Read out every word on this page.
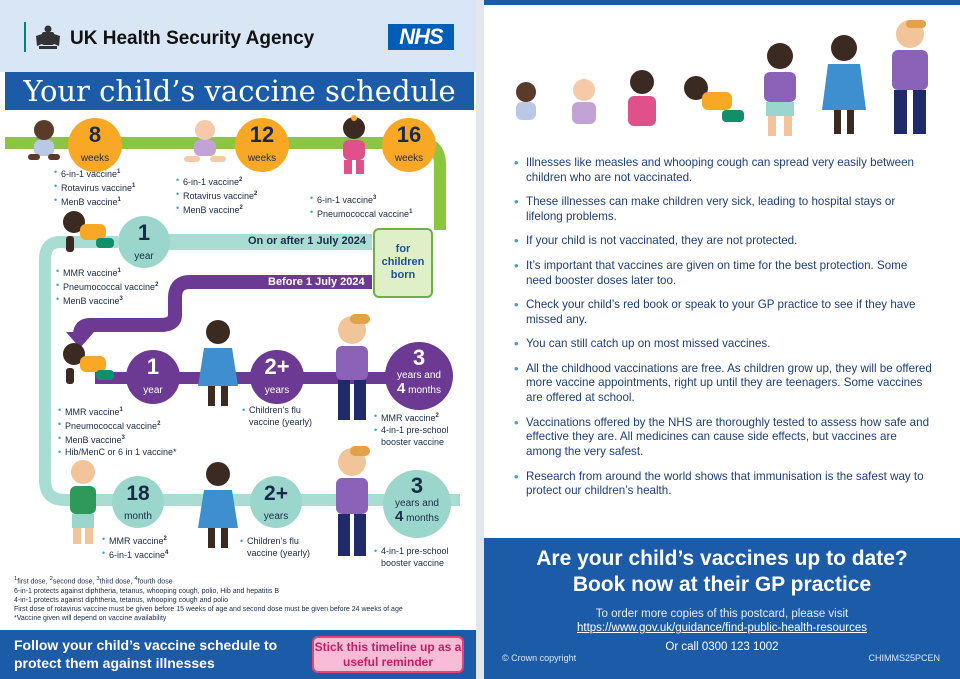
UK Health Security Agency	NHS
Your child’s vaccine schedule
8
weeks
12
weeks
16
weeks
1
year
1
year
2+
years
3
years and
4 months
18
month
2+
years
3
years and
4 months
On or after 1 July 2024
Before 1 July 2024
for children born
• 6-in-1 vaccine$^1$
• Rotavirus vaccine$^1$
• MenB vaccine$^1$
• 6-in-1 vaccine$^2$
• Rotavirus vaccine$^2$
• MenB vaccine$^2$
• 6-in-1 vaccine$^3$
• Pneumococcal vaccine$^1$
• MMR vaccine$^1$
• Pneumococcal vaccine$^2$
• MenB vaccine$^3$
• MMR vaccine$^1$
• Pneumococcal vaccine$^2$
• MenB vaccine$^3$
• Hib/MenC or 6 in 1 vaccine*
• Children’s flu vaccine (yearly)	• MMR vaccine$^2$
• 4-in-1 pre-school booster vaccine
• MMR vaccine$^2$
• 6-in-1 vaccine$^4$
• Children’s flu vaccine (yearly)	• 4-in-1 pre-school booster vaccine
$^1$first dose, $^2$second dose, $^3$third dose, $^4$fourth dose
6-in-1 protects against diphtheria, tetanus, whooping cough, polio, Hib and hepatitis B
4-in-1 protects against diphtheria, tetanus, whooping cough and polio
First dose of rotavirus vaccine must be given before 15 weeks of age and second dose must be given before 24 weeks of age
*Vaccine given will depend on vaccine availability
Follow your child’s vaccine schedule to protect them against illnesses
Stick this timeline up as a useful reminder
• Illnesses like measles and whooping cough can spread very easily between children who are not vaccinated.
• These illnesses can make children very sick, leading to hospital stays or lifelong problems.
• If your child is not vaccinated, they are not protected.
• It’s important that vaccines are given on time for the best protection. Some need booster doses later too.
• Check your child’s red book or speak to your GP practice to see if they have missed any.
• You can still catch up on most missed vaccines.
• All the childhood vaccinations are free. As children grow up, they will be offered more vaccine appointments, right up until they are teenagers. Some vaccines are offered at school.
• Vaccinations offered by the NHS are thoroughly tested to assess how safe and effective they are. All medicines can cause side effects, but vaccines are among the very safest.
• Research from around the world shows that immunisation is the safest way to protect our children’s health.
Are your child’s vaccines up to date?
Book now at their GP practice
To order more copies of this postcard, please visit
https://www.gov.uk/guidance/find-public-health-resources
Or call 0300 123 1002
© Crown copyright	CHIMMS25PCEN
